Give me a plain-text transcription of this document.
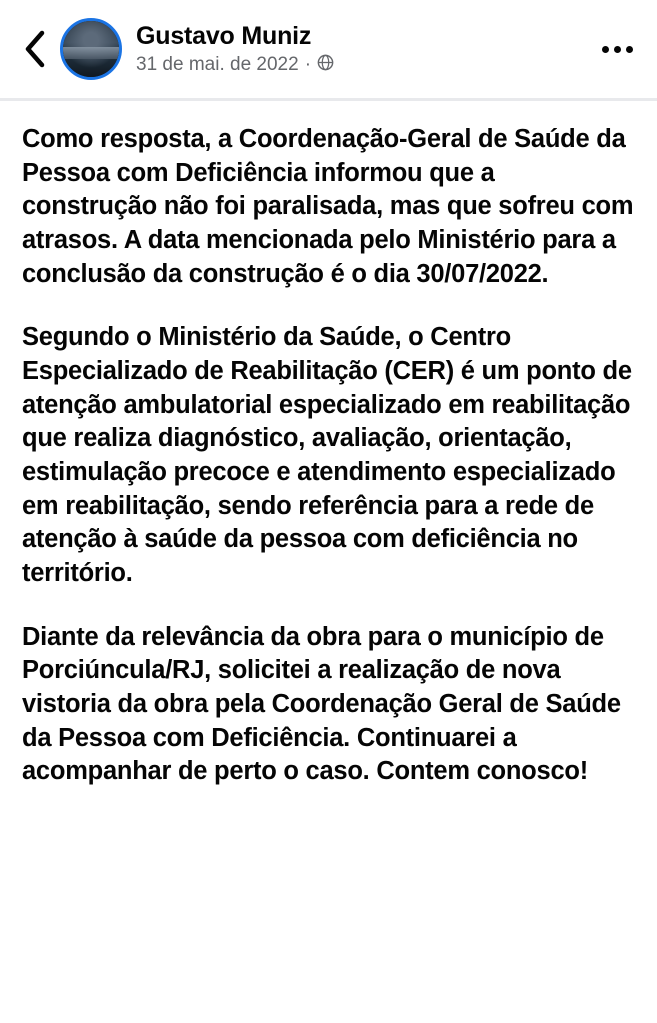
Gustavo Muniz
31 de mai. de 2022 ·

Como resposta, a Coordenação-Geral de Saúde da Pessoa com Deficiência informou que a construção não foi paralisada, mas que sofreu com atrasos. A data mencionada pelo Ministério para a conclusão da construção é o dia 30/07/2022.

Segundo o Ministério da Saúde, o Centro Especializado de Reabilitação (CER) é um ponto de atenção ambulatorial especializado em reabilitação que realiza diagnóstico, avaliação, orientação, estimulação precoce e atendimento especializado em reabilitação, sendo referência para a rede de atenção à saúde da pessoa com deficiência no território.

Diante da relevância da obra para o município de Porciúncula/RJ, solicitei a realização de nova vistoria da obra pela Coordenação Geral de Saúde da Pessoa com Deficiência. Continuarei a acompanhar de perto o caso. Contem conosco!
